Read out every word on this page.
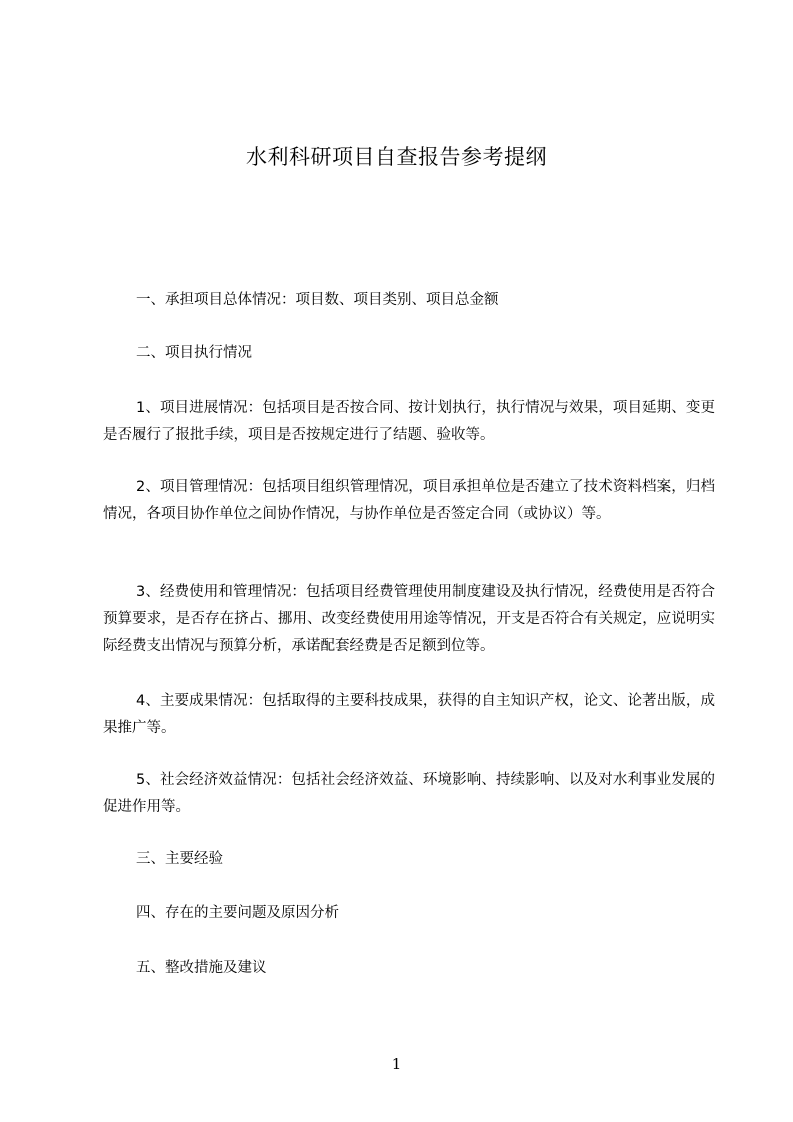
水利科研项目自查报告参考提纲

一、承担项目总体情况：项目数、项目类别、项目总金额

二、项目执行情况

1、项目进展情况：包括项目是否按合同、按计划执行，执行情况与效果，项目延期、变更是否履行了报批手续，项目是否按规定进行了结题、验收等。

2、项目管理情况：包括项目组织管理情况，项目承担单位是否建立了技术资料档案，归档情况，各项目协作单位之间协作情况，与协作单位是否签定合同（或协议）等。

3、经费使用和管理情况：包括项目经费管理使用制度建设及执行情况，经费使用是否符合预算要求，是否存在挤占、挪用、改变经费使用用途等情况，开支是否符合有关规定，应说明实际经费支出情况与预算分析，承诺配套经费是否足额到位等。

4、主要成果情况：包括取得的主要科技成果，获得的自主知识产权，论文、论著出版，成果推广等。

5、社会经济效益情况：包括社会经济效益、环境影响、持续影响、以及对水利事业发展的促进作用等。

三、主要经验

四、存在的主要问题及原因分析

五、整改措施及建议

1
